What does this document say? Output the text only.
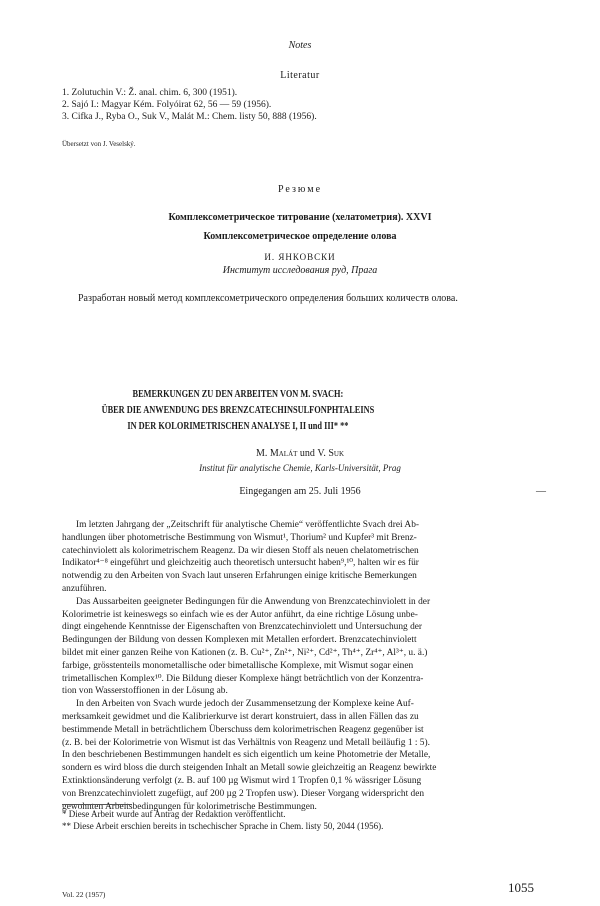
Notes
Literatur
1. Zolutuchin V.: Ž. anal. chim. 6, 300 (1951).
2. Sajó I.: Magyar Kém. Folyóirat 62, 56 — 59 (1956).
3. Cifka J., Ryba O., Suk V., Malát M.: Chem. listy 50, 888 (1956).
Übersetzt von J. Veselský.
Резюме
Комплексометрическое титрование (хелатометрия). XXVI
Комплексометрическое определение олова
И. ЯНКОВСКИ
Институт исследования руд, Прага
Разработан новый метод комплексометрического определения больших количеств олова.
BEMERKUNGEN ZU DEN ARBEITEN VON M. SVACH:
ÜBER DIE ANWENDUNG DES BRENZCATECHINSULFONPHTALEINS
IN DER KOLORIMETRISCHEN ANALYSE I, II und III* **
M. Malát und V. Suk
Institut für analytische Chemie, Karls-Universität, Prag
Eingegangen am 25. Juli 1956	—
Im letzten Jahrgang der „Zeitschrift für analytische Chemie“ veröffentlichte Svach drei Ab-
handlungen über photometrische Bestimmung von Wismut¹, Thorium² und Kupfer³ mit Brenz-
catechinviolett als kolorimetrischem Reagenz. Da wir diesen Stoff als neuen chelatometrischen
Indikator⁴⁻⁸ eingeführt und gleichzeitig auch theoretisch untersucht haben⁹,¹⁰, halten wir es für
notwendig zu den Arbeiten von Svach laut unseren Erfahrungen einige kritische Bemerkungen
anzuführen.
Das Aussarbeiten geeigneter Bedingungen für die Anwendung von Brenzcatechinviolett in der
Kolorimetrie ist keineswegs so einfach wie es der Autor anführt, da eine richtige Lösung unbe-
dingt eingehende Kenntnisse der Eigenschaften von Brenzcatechinviolett und Untersuchung der
Bedingungen der Bildung von dessen Komplexen mit Metallen erfordert. Brenzcatechinviolett
bildet mit einer ganzen Reihe von Kationen (z. B. Cu²⁺, Zn²⁺, Ni²⁺, Cd²⁺, Th⁴⁺, Zr⁴⁺, Al³⁺, u. ä.)
farbige, grösstenteils monometallische oder bimetallische Komplexe, mit Wismut sogar einen
trimetallischen Komplex¹⁰. Die Bildung dieser Komplexe hängt beträchtlich von der Konzentra-
tion von Wasserstoffionen in der Lösung ab.
In den Arbeiten von Svach wurde jedoch der Zusammensetzung der Komplexe keine Auf-
merksamkeit gewidmet und die Kalibrierkurve ist derart konstruiert, dass in allen Fällen das zu
bestimmende Metall in beträchtlichem Überschuss dem kolorimetrischen Reagenz gegenüber ist
(z. B. bei der Kolorimetrie von Wismut ist das Verhältnis von Reagenz und Metall beiläufig 1 : 5).
In den beschriebenen Bestimmungen handelt es sich eigentlich um keine Photometrie der Metalle,
sondern es wird bloss die durch steigenden Inhalt an Metall sowie gleichzeitig an Reagenz bewirkte
Extinktionsänderung verfolgt (z. B. auf 100 µg Wismut wird 1 Tropfen 0,1 % wässriger Lösung
von Brenzcatechinviolett zugefügt, auf 200 µg 2 Tropfen usw). Dieser Vorgang widerspricht den
gewohnten Arbeitsbedingungen für kolorimetrische Bestimmungen.
* Diese Arbeit wurde auf Antrag der Redaktion veröffentlicht.
** Diese Arbeit erschien bereits in tschechischer Sprache in Chem. listy 50, 2044 (1956).
Vol. 22 (1957)	1055
